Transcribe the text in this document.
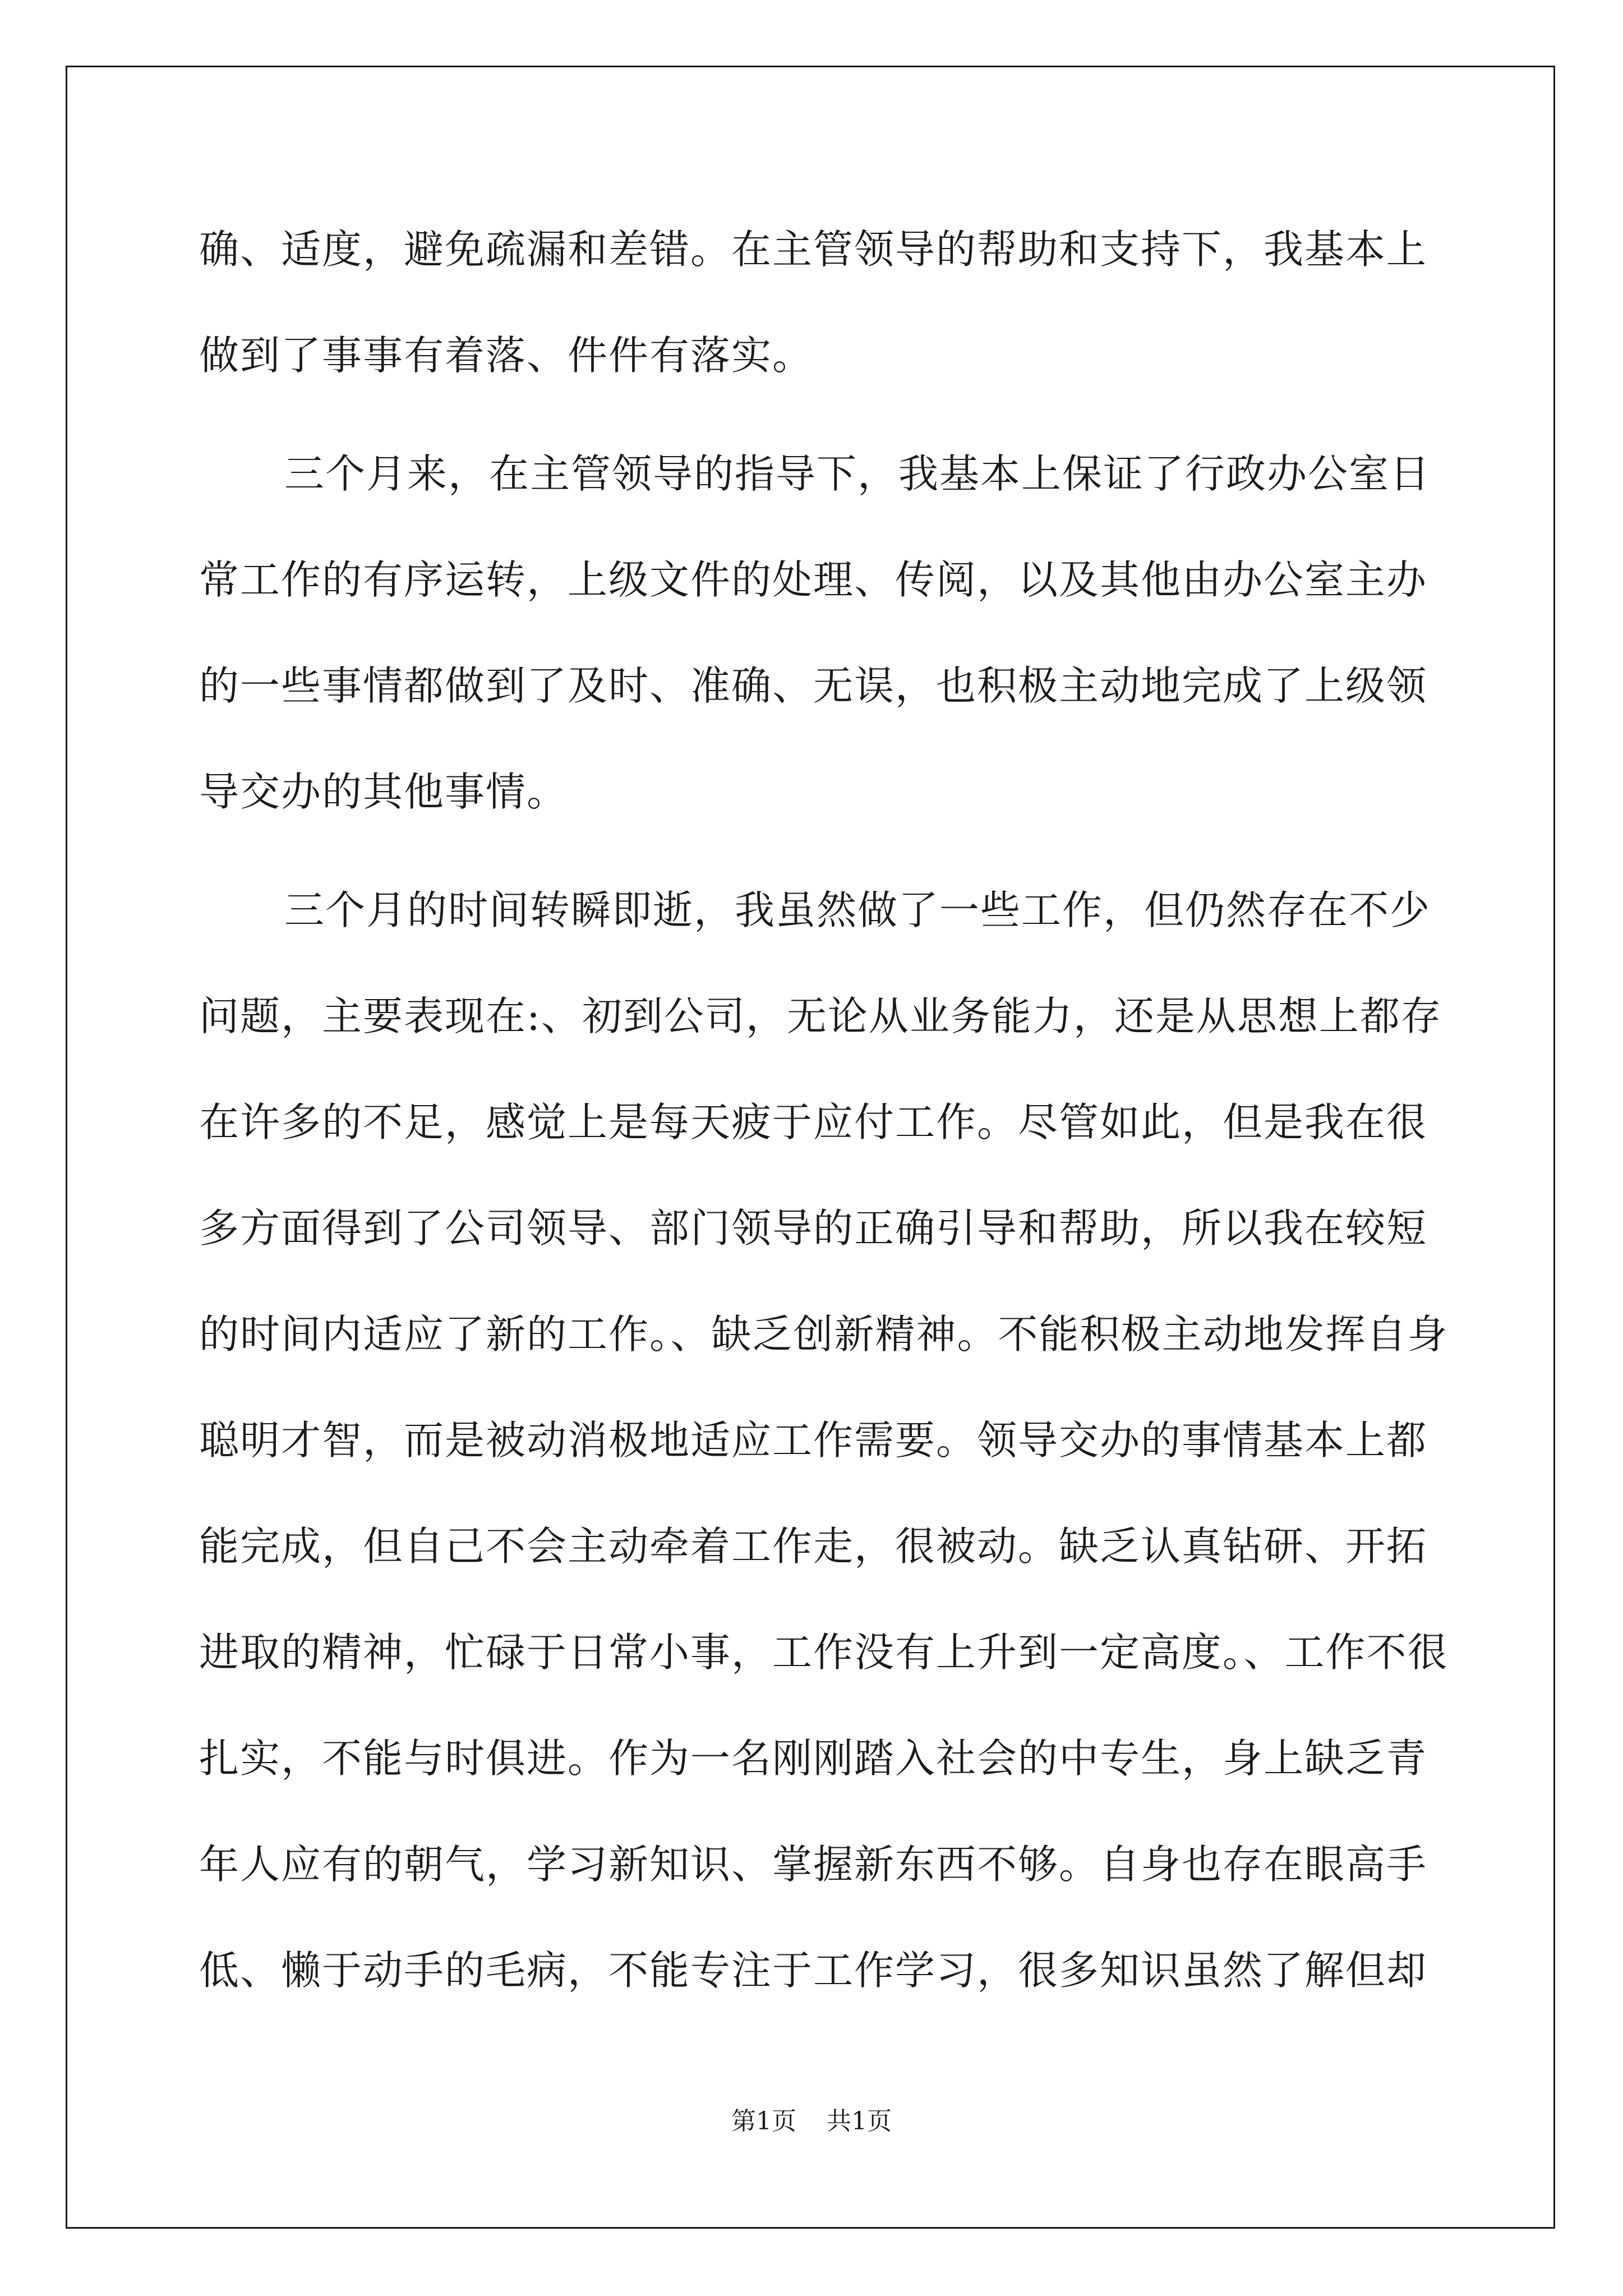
确、适度，避免疏漏和差错。在主管领导的帮助和支持下，我基本上
做到了事事有着落、件件有落实。
三个月来，在主管领导的指导下，我基本上保证了行政办公室日
常工作的有序运转，上级文件的处理、传阅，以及其他由办公室主办
的一些事情都做到了及时、准确、无误，也积极主动地完成了上级领
导交办的其他事情。
三个月的时间转瞬即逝，我虽然做了一些工作，但仍然存在不少
问题，主要表现在:、初到公司，无论从业务能力，还是从思想上都存
在许多的不足，感觉上是每天疲于应付工作。尽管如此，但是我在很
多方面得到了公司领导、部门领导的正确引导和帮助，所以我在较短
的时间内适应了新的工作。、缺乏创新精神。不能积极主动地发挥自身
聪明才智，而是被动消极地适应工作需要。领导交办的事情基本上都
能完成，但自己不会主动牵着工作走，很被动。缺乏认真钻研、开拓
进取的精神，忙碌于日常小事，工作没有上升到一定高度。、工作不很
扎实，不能与时俱进。作为一名刚刚踏入社会的中专生，身上缺乏青
年人应有的朝气，学习新知识、掌握新东西不够。自身也存在眼高手
低、懒于动手的毛病，不能专注于工作学习，很多知识虽然了解但却
第1页 共1页
